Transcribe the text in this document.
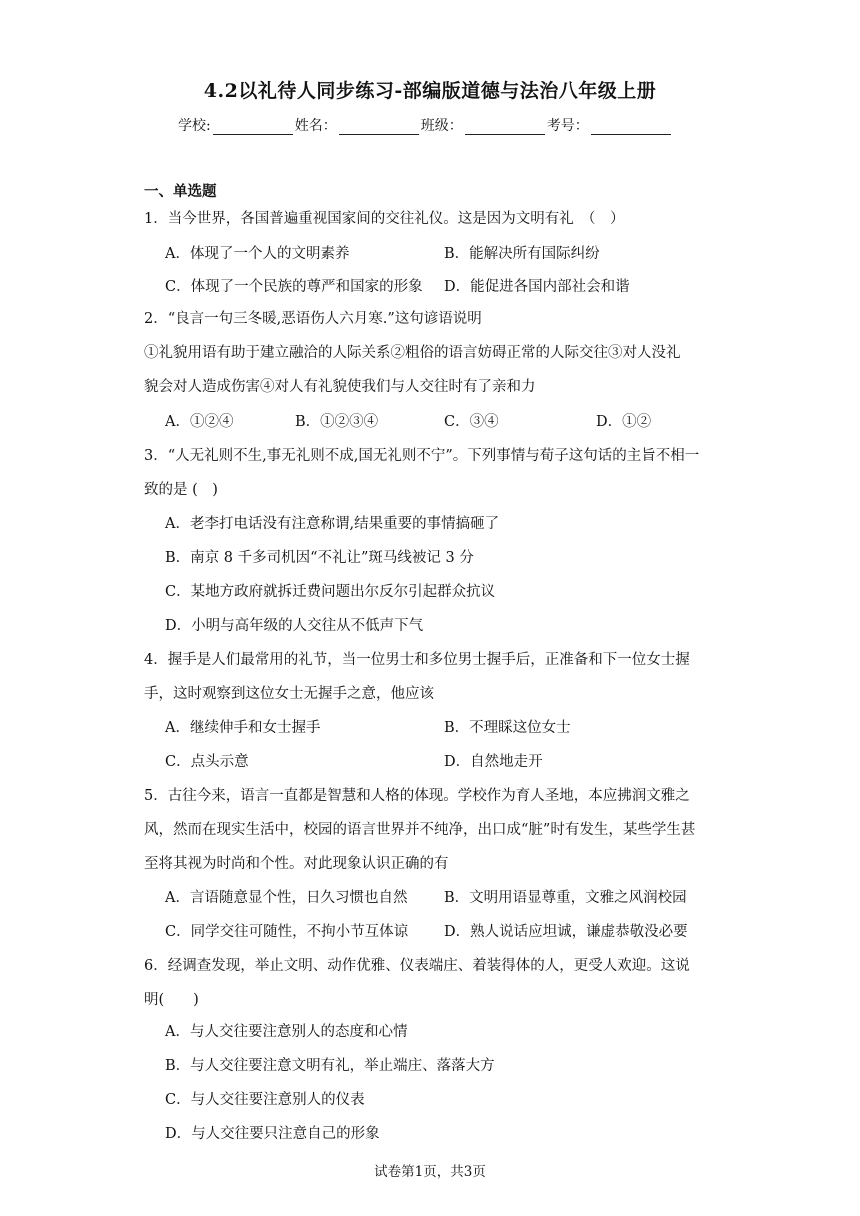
4.2以礼待人同步练习-部编版道德与法治八年级上册
学校:	姓名：	班级：	考号：
一、单选题
1．当今世界，各国普遍重视国家间的交往礼仪。这是因为文明有礼　（　）
A．体现了一个人的文明素养	B．能解决所有国际纠纷
C．体现了一个民族的尊严和国家的形象 D．能促进各国内部社会和谐
2．“良言一句三冬暖,恶语伤人六月寒.”这句谚语说明
①礼貌用语有助于建立融洽的人际关系②粗俗的语言妨碍正常的人际交往③对人没礼
貌会对人造成伤害④对人有礼貌使我们与人交往时有了亲和力
A．①②④	B．①②③④	C．③④	D．①②
3．“人无礼则不生,事无礼则不成,国无礼则不宁”。下列事情与荀子这句话的主旨不相一
致的是 (　)
A．老李打电话没有注意称谓,结果重要的事情搞砸了
B．南京 8 千多司机因“不礼让”斑马线被记 3 分
C．某地方政府就拆迁费问题出尔反尔引起群众抗议
D．小明与高年级的人交往从不低声下气
4．握手是人们最常用的礼节，当一位男士和多位男士握手后，正准备和下一位女士握
手，这时观察到这位女士无握手之意，他应该
A．继续伸手和女士握手	B．不理睬这位女士
C．点头示意	D．自然地走开
5．古往今来，语言一直都是智慧和人格的体现。学校作为育人圣地，本应拂润文雅之
风，然而在现实生活中，校园的语言世界并不纯净，出口成“脏”时有发生，某些学生甚
至将其视为时尚和个性。对此现象认识正确的有
A．言语随意显个性，日久习惯也自然	B．文明用语显尊重，文雅之风润校园
C．同学交往可随性，不拘小节互体谅 D．熟人说话应坦诚，谦虚恭敬没必要
6．经调查发现，举止文明、动作优雅、仪表端庄、着装得体的人，更受人欢迎。这说
明(　　)
A．与人交往要注意别人的态度和心情
B．与人交往要注意文明有礼，举止端庄、落落大方
C．与人交往要注意别人的仪表
D．与人交往要只注意自己的形象
试卷第1页，共3页
